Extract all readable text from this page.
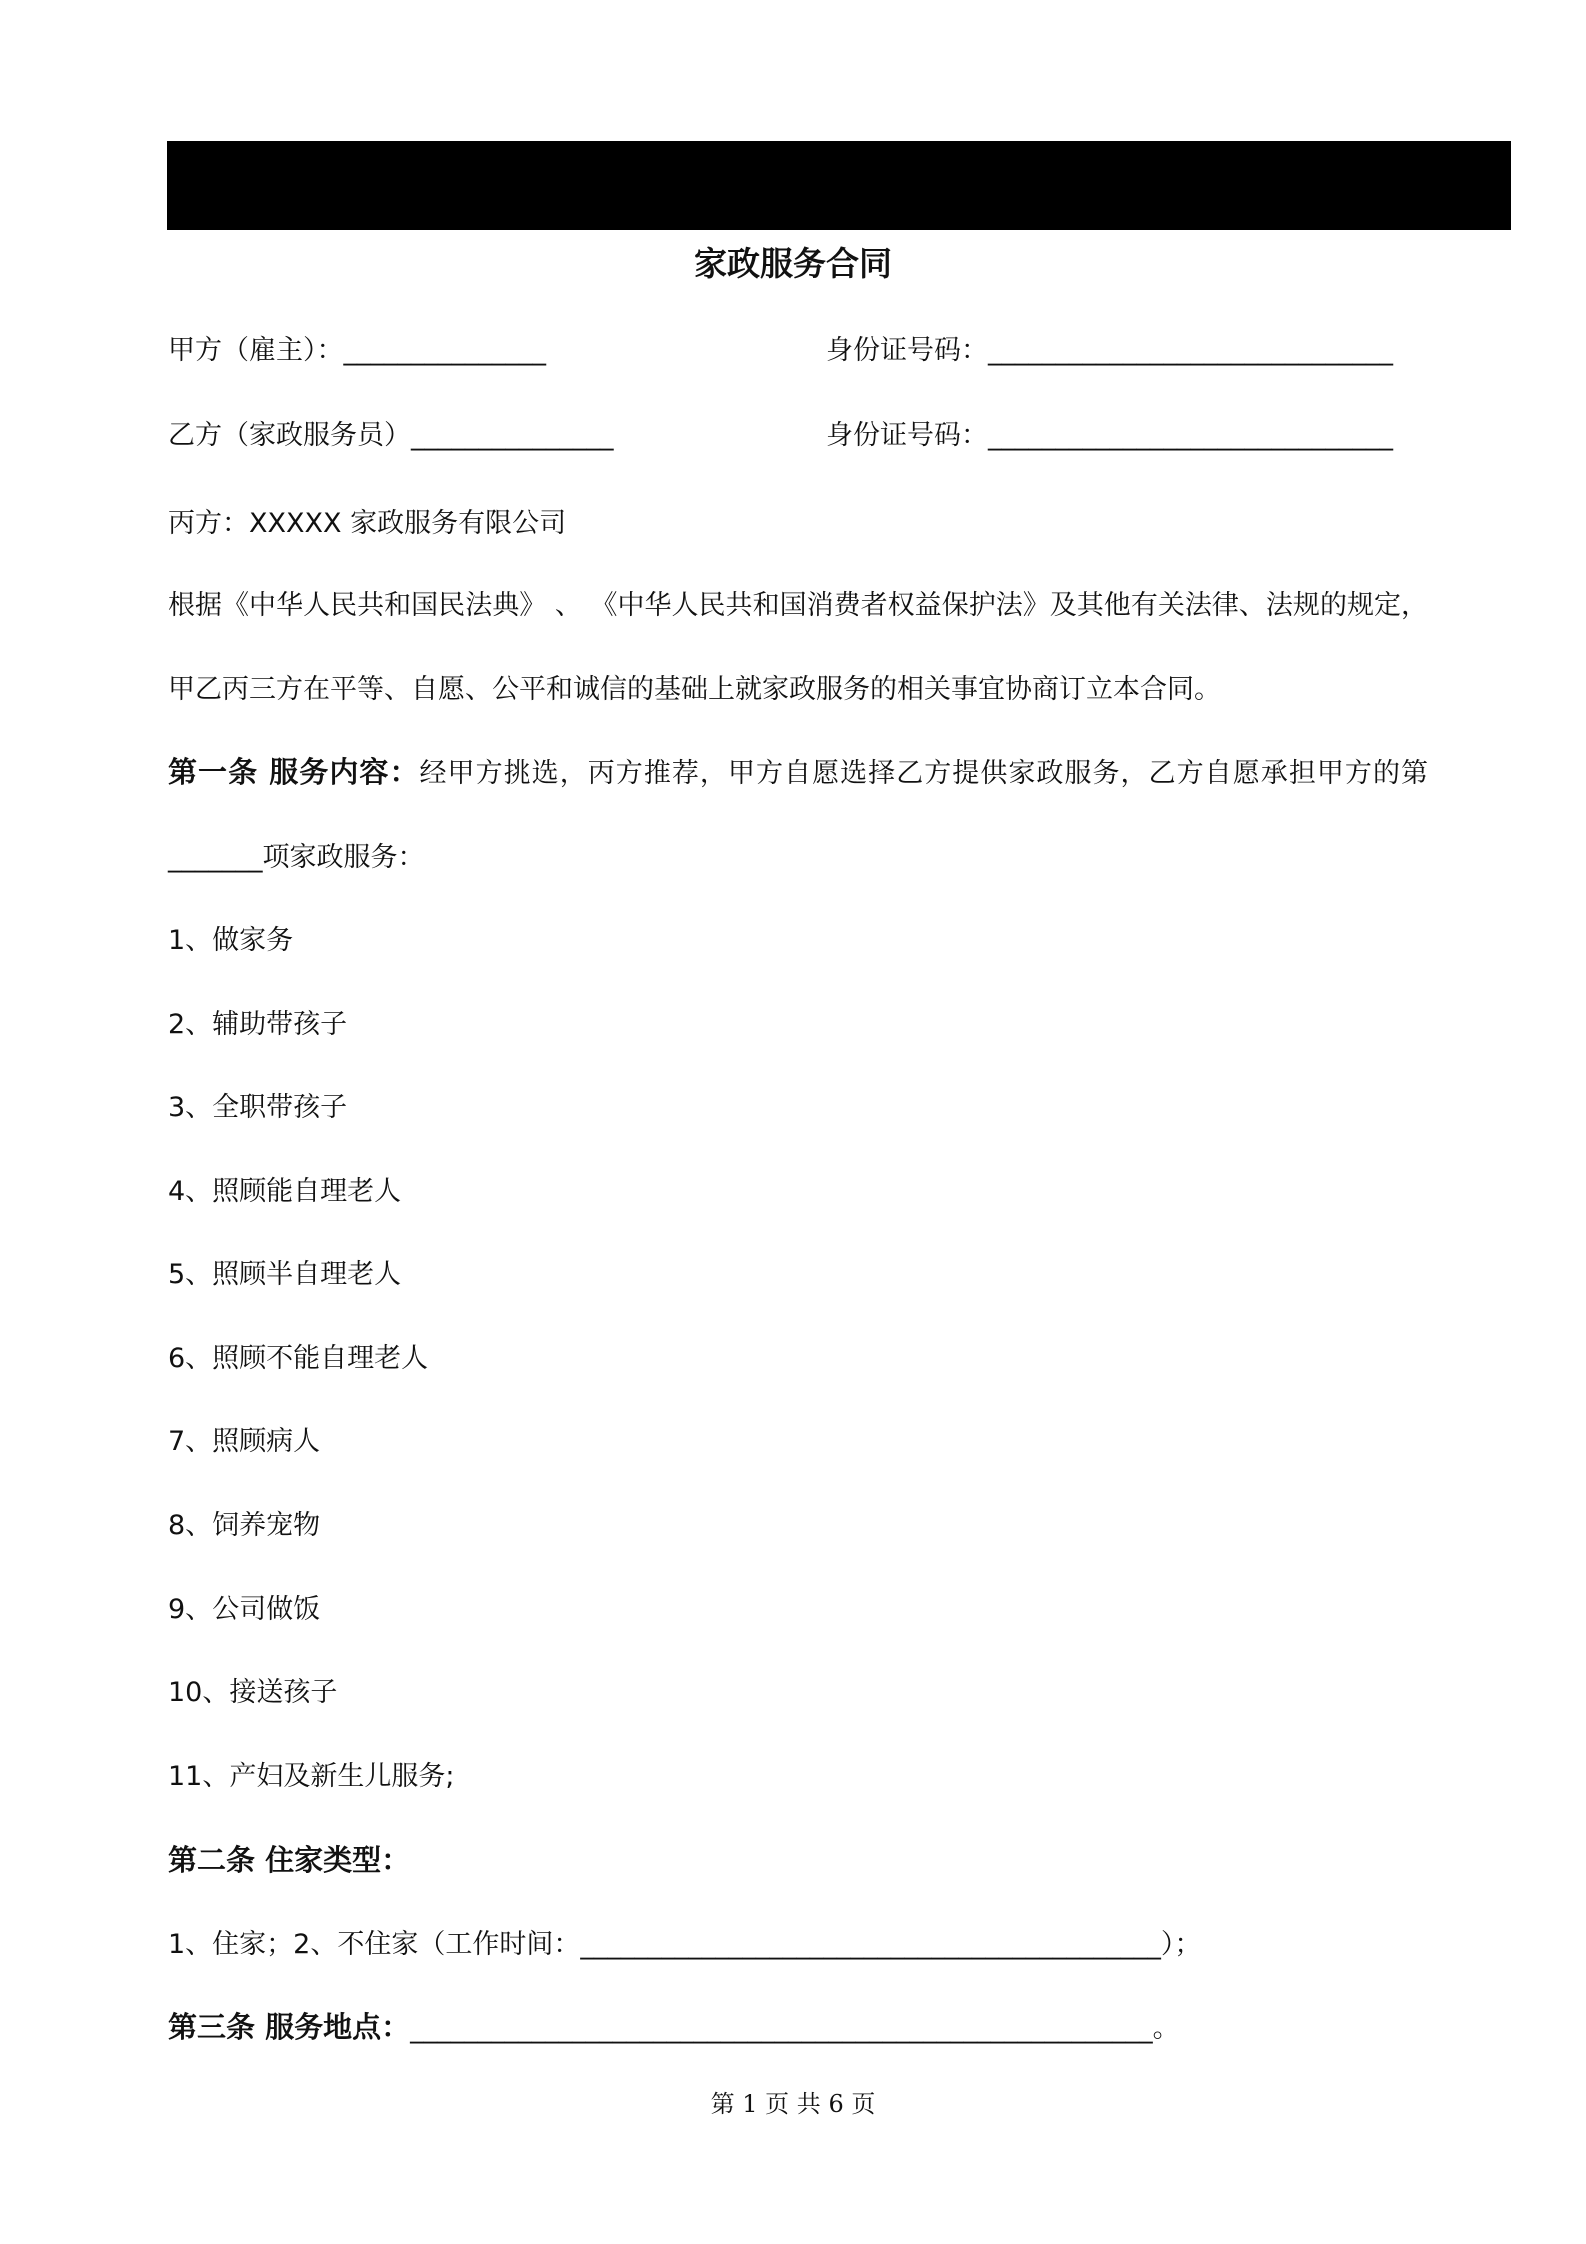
家政服务合同
甲方（雇主）：_______________	身份证号码：______________________________
乙方（家政服务员）_______________	身份证号码：______________________________
丙方：XXXXX 家政服务有限公司
根据《中华人民共和国民法典》 、 《中华人民共和国消费者权益保护法》及其他有关法律、法规的规定，甲乙丙三方在平等、自愿、公平和诚信的基础上就家政服务的相关事宜协商订立本合同。
第一条 服务内容：经甲方挑选，丙方推荐，甲方自愿选择乙方提供家政服务，乙方自愿承担甲方的第_______项家政服务：
1、做家务
2、辅助带孩子
3、全职带孩子
4、照顾能自理老人
5、照顾半自理老人
6、照顾不能自理老人
7、照顾病人
8、饲养宠物
9、公司做饭
10、接送孩子
11、产妇及新生儿服务;
第二条 住家类型：
1、住家；2、不住家（工作时间：___________________________________________）；
第三条 服务地点：_______________________________________________________。
第 1 页 共 6 页
